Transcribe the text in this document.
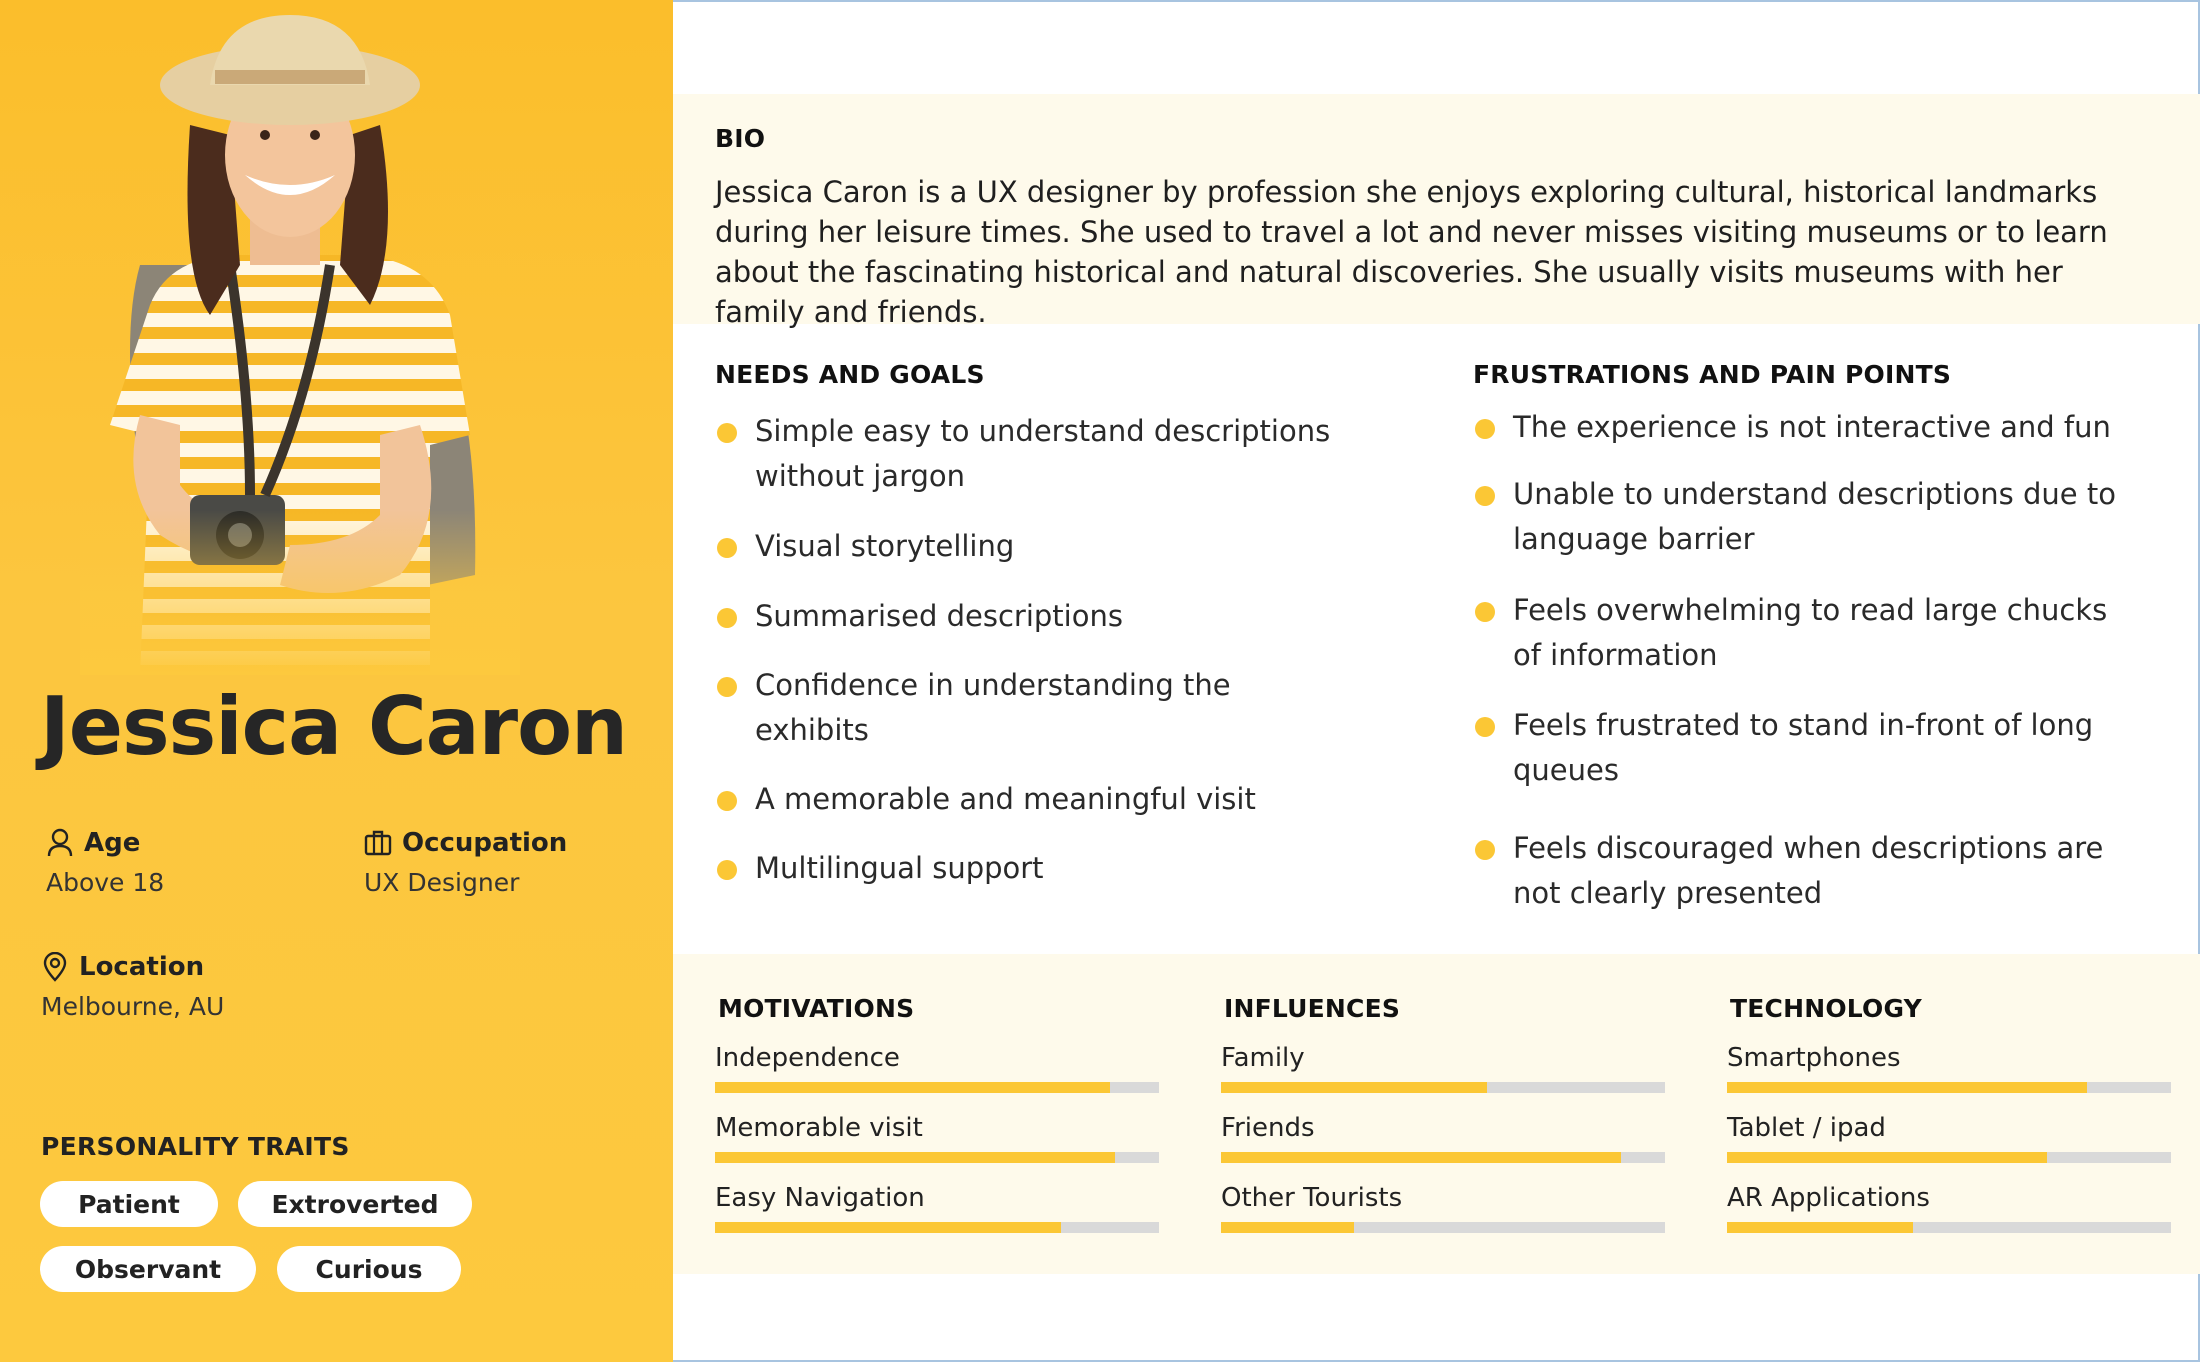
Jessica Caron
Age
Above 18
Occupation
UX Designer
Location
Melbourne, AU
PERSONALITY TRAITS
Patient	Extroverted
Observant	Curious
BIO
Jessica Caron is a UX designer by profession she enjoys exploring cultural, historical landmarks during her leisure times. She used to travel a lot and never misses visiting museums or to learn about the fascinating historical and natural discoveries. She usually visits museums with her family and friends.
NEEDS AND GOALS
Simple easy to understand descriptions without jargon
Visual storytelling
Summarised descriptions
Confidence in understanding the exhibits
A memorable and meaningful visit
Multilingual support
FRUSTRATIONS AND PAIN POINTS
The experience is not interactive and fun
Unable to understand descriptions due to language barrier
Feels overwhelming to read large chucks of information
Feels frustrated to stand in-front of long queues
Feels discouraged when descriptions are not clearly presented
MOTIVATIONS
Independence
Memorable visit
Easy Navigation
INFLUENCES
Family
Friends
Other Tourists
TECHNOLOGY
Smartphones
Tablet / ipad
AR Applications
